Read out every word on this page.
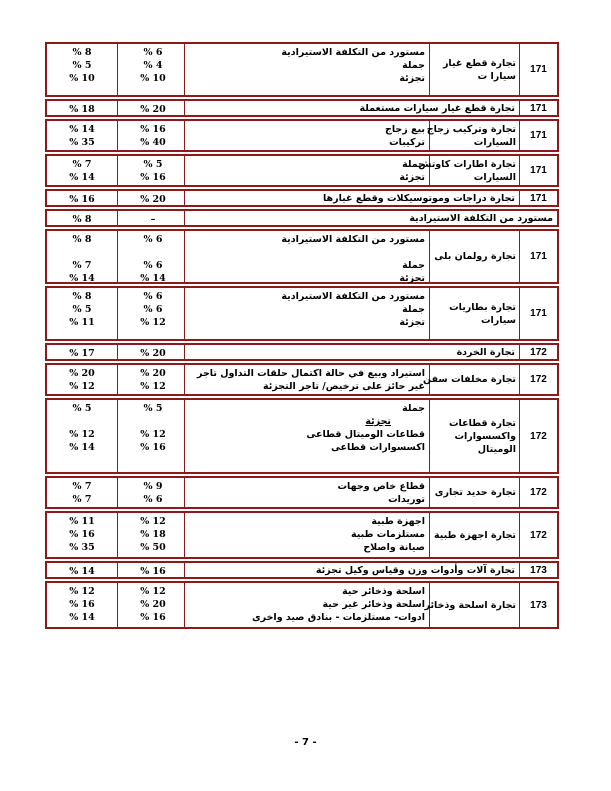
171
تجارة قطع غيار
سيارا ت
مستورد من التكلفة الاستيرادية
جملة
تجزئة
% 6
% 4
% 10
% 8
% 5
% 10
171
تجارة قطع غيار سيارات مستعملة
% 20
% 18
171
تجارة وتركيب زجاج
السيارات
بيع زجاج
تركيبات
% 16
% 40
% 14
% 35
171
تجارة اطارات كاوتش
السيارات
جملة
تجزئة
% 5
% 16
% 7
% 14
171
تجارة دراجات وموتوسيكلات وقطع غيارها
% 20
% 16
مستورد من التكلفة الاستيرادية
–
% 8
171
تجارة رولمان بلى
مستورد من التكلفة الاستيرادية

جملة
تجزئة
% 6

% 6
% 14
% 8

% 7
% 14
171
تجارة بطاريات
سيارات
مستورد من التكلفة الاستيرادية
جملة
تجزئة
% 6
% 6
% 12
% 8
% 5
% 11
172
تجارة الخردة
% 20
% 17
172
تجارة مخلفات سفن
استيراد وبيع في حالة اكتمال حلقات التداول تاجر
غير حائز على ترخيص/ تاجر التجزئة
% 20
% 12
% 20
% 12
172
تجارة قطاعات
واكسسوارات
الوميتال
جملة
تجزئة
قطاعات الوميتال قطاعى
اكسسوارات قطاعى
% 5

% 12
% 16
% 5

% 12
% 14
172
تجارة حديد تجارى
قطاع خاص وجهات
توريدات
% 9
% 6
% 7
% 7
172
تجارة اجهزة طبية
اجهزة طبية
مستلزمات طبية
صيانة واصلاح
% 12
% 18
% 50
% 11
% 16
% 35
173
تجارة آلات وأدوات وزن وقياس وكيل تجزئة
% 16
% 14
173
تجارة اسلحة وذخائر
اسلحة وذخائر حية
اسلحة وذخائر غير حية
ادوات- مستلزمات - بنادق صيد واخرى
% 12
% 20
% 16
% 12
% 16
% 14
- 7 -
